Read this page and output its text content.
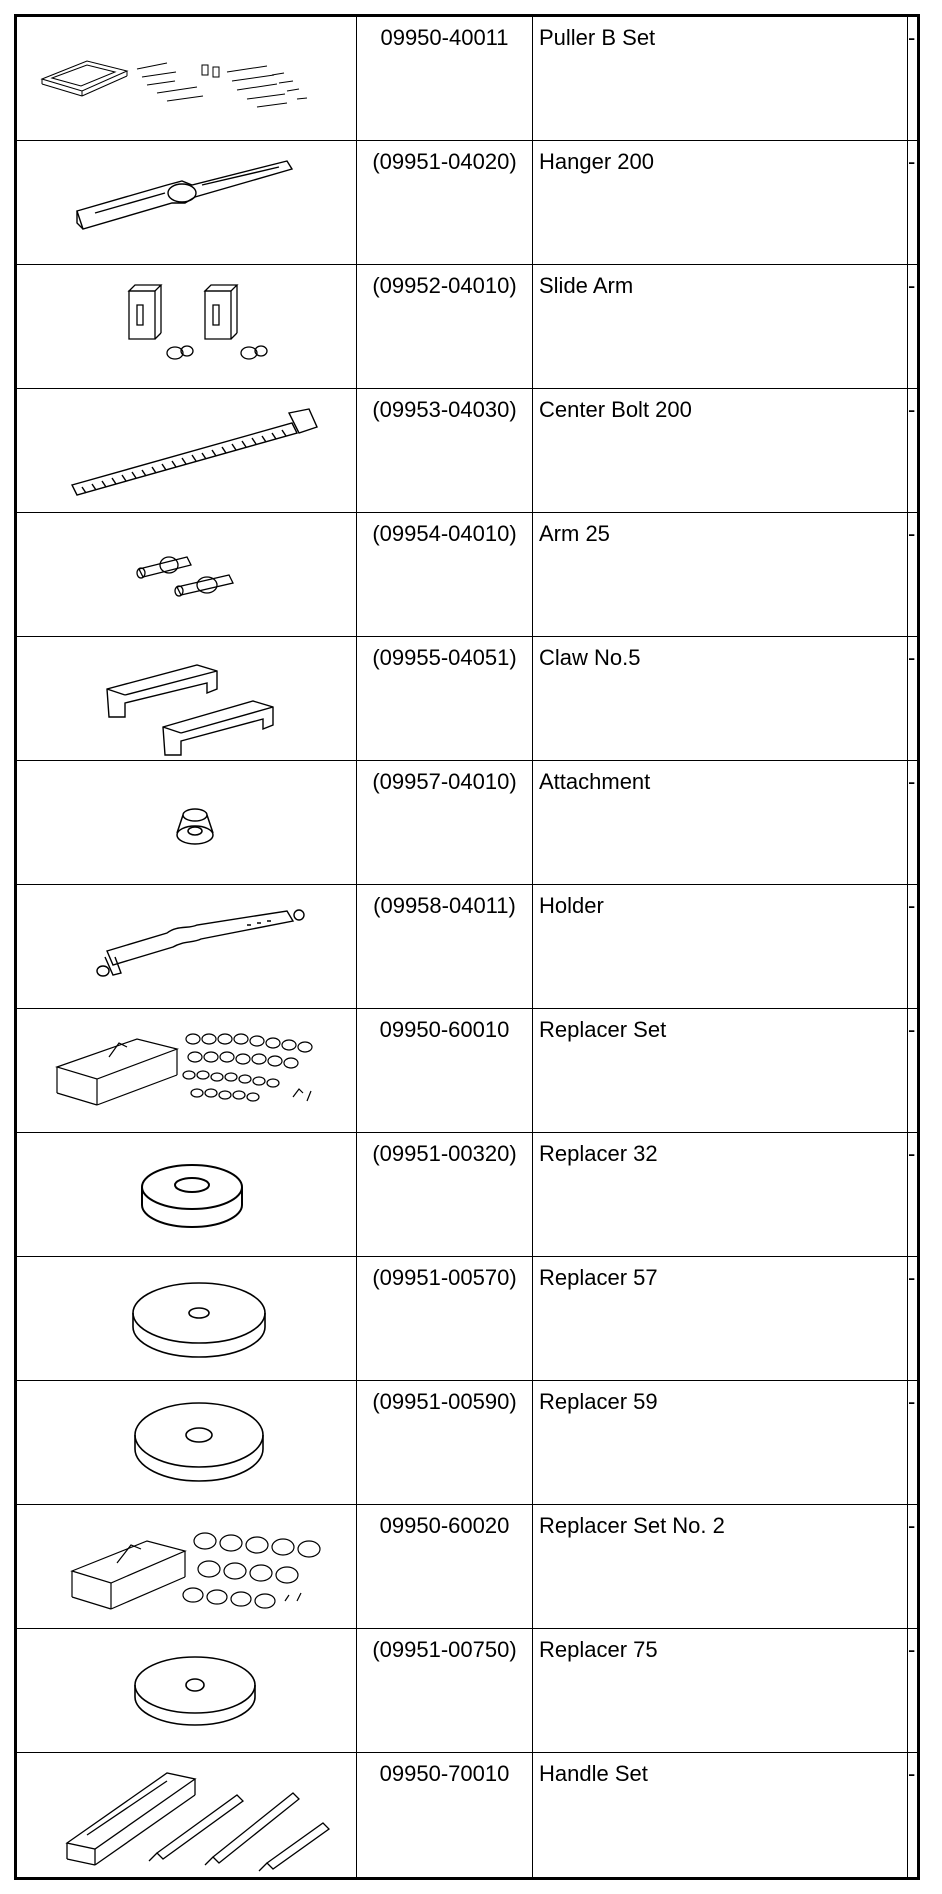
09950-40011	Puller B Set	-
(09951-04020)	Hanger 200	-
(09952-04010)	Slide Arm	-
(09953-04030)	Center Bolt 200	-
(09954-04010)	Arm 25	-
(09955-04051)	Claw No.5	-
(09957-04010)	Attachment	-
(09958-04011)	Holder	-
09950-60010	Replacer Set	-
(09951-00320)	Replacer 32	-
(09951-00570)	Replacer 57	-
(09951-00590)	Replacer 59	-
09950-60020	Replacer Set No. 2	-
(09951-00750)	Replacer 75	-
09950-70010	Handle Set	-
